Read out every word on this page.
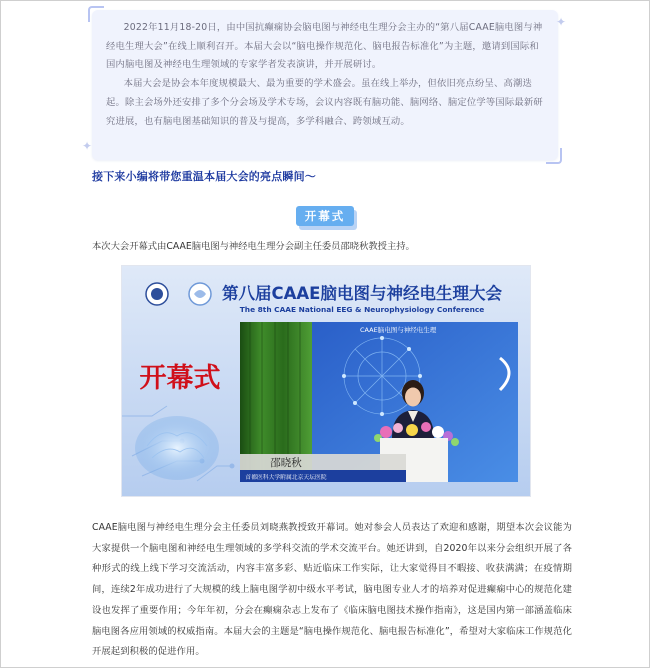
✦
✦

2022年11月18-20日，由中国抗癫痫协会脑电图与神经电生理分会主办的“第八届CAAE脑电图与神经电生理大会”在线上顺利召开。本届大会以“脑电操作规范化、脑电报告标准化”为主题，邀请到国际和国内脑电图及神经电生理领域的专家学者发表演讲，并开展研讨。

本届大会是协会本年度规模最大、最为重要的学术盛会。虽在线上举办，但依旧亮点纷呈、高潮迭起。除主会场外还安排了多个分会场及学术专场，会议内容既有脑功能、脑网络、脑定位学等国际最新研究进展，也有脑电图基础知识的普及与提高，多学科融合、跨领域互动。

接下来小编将带您重温本届大会的亮点瞬间～

开幕式

本次大会开幕式由CAAE脑电图与神经电生理分会副主任委员邵晓秋教授主持。

第八届CAAE脑电图与神经电生理大会
The 8th CAAE National EEG & Neurophysiology Conference
开幕式
CAAE脑电图与神经电生理
邵晓秋
首都医科大学附属北京天坛医院

CAAE脑电图与神经电生理分会主任委员刘晓燕教授致开幕词。她对参会人员表达了欢迎和感谢，期望本次会议能为大家提供一个脑电图和神经电生理领域的多学科交流的学术交流平台。她还讲到，自2020年以来分会组织开展了各种形式的线上线下学习交流活动，内容丰富多彩、贴近临床工作实际，让大家觉得目不暇接、收获满满；在疫情期间，连续2年成功进行了大规模的线上脑电图学初中级水平考试，脑电图专业人才的培养对促进癫痫中心的规范化建设也发挥了重要作用；今年年初，分会在癫痫杂志上发布了《临床脑电图技术操作指南》，这是国内第一部涵盖临床脑电图各应用领域的权威指南。本届大会的主题是“脑电操作规范化、脑电报告标准化”，希望对大家临床工作规范化开展起到积极的促进作用。
